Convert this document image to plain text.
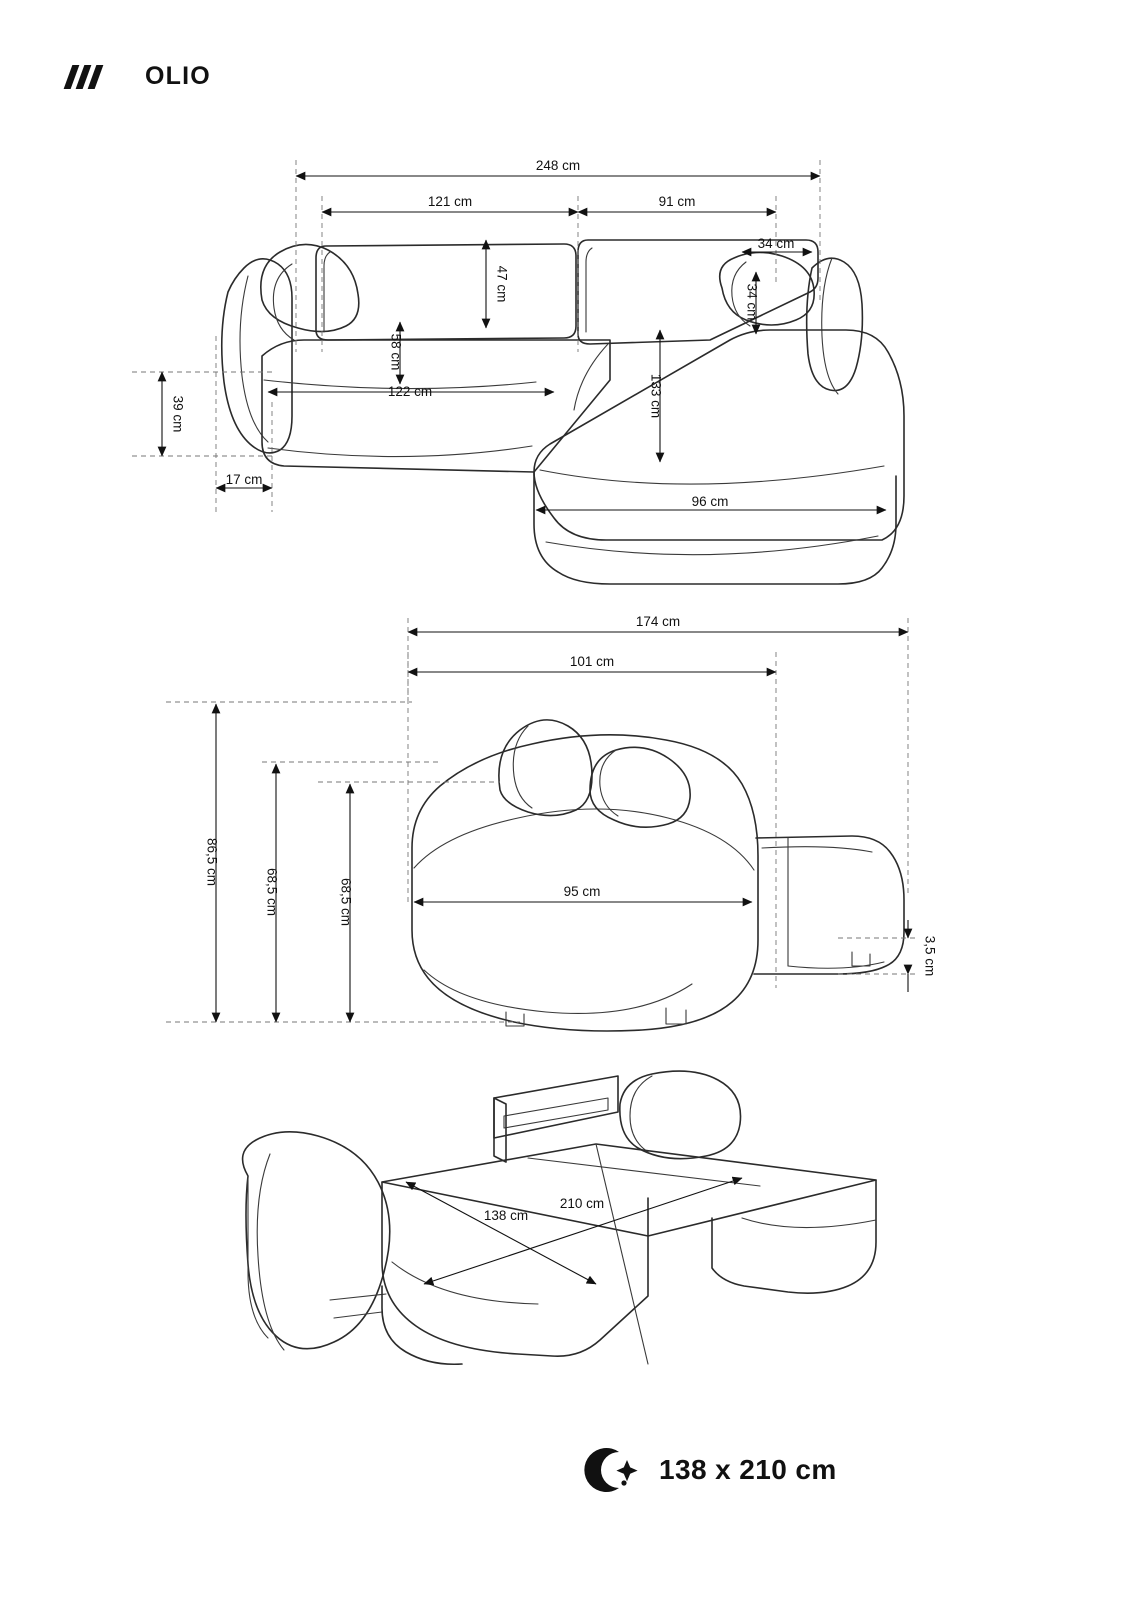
OLIO
248 cm
121 cm	91 cm
47 cm
58 cm
34 cm
34 cm
122 cm	133 cm
39 cm
17 cm
96 cm
174 cm
101 cm
86,5 cm
68,5 cm	68,5 cm	95 cm
3,5 cm
138 cm
210 cm
138 x 210 cm
